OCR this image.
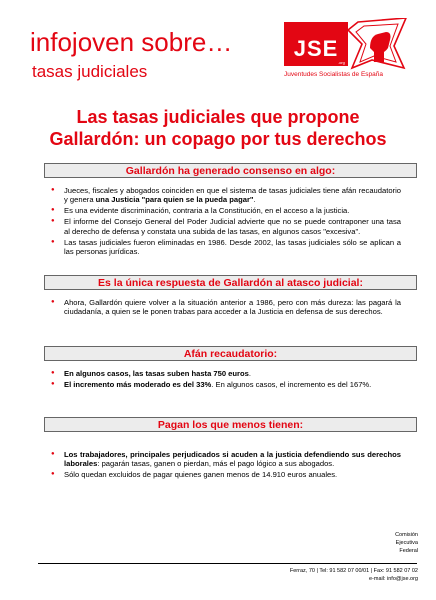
infojoven sobre…
tasas judiciales
JSE
.org
Juventudes Socialistas de España
Las tasas judiciales que propone
Gallardón: un copago por tus derechos
Gallardón ha generado consenso en algo:
● Jueces, fiscales y abogados coinciden en que el sistema de tasas judiciales tiene afán recaudatorio y genera una Justicia "para quien se la pueda pagar".
● Es una evidente discriminación, contraria a la Constitución, en el acceso a la justicia.
● El informe del Consejo General del Poder Judicial advierte que no se puede contraponer una tasa al derecho de defensa y constata una subida de las tasas, en algunos casos "excesiva".
● Las tasas judiciales fueron eliminadas en 1986. Desde 2002, las tasas judiciales sólo se aplican a las personas jurídicas.
Es la única respuesta de Gallardón al atasco judicial:
● Ahora, Gallardón quiere volver a la situación anterior a 1986, pero con más dureza: las pagará la ciudadanía, a quien se le ponen trabas para acceder a la Justicia en defensa de sus derechos.
Afán recaudatorio:
● En algunos casos, las tasas suben hasta 750 euros.
● El incremento más moderado es del 33%. En algunos casos, el incremento es del 167%.
Pagan los que menos tienen:
● Los trabajadores, principales perjudicados si acuden a la justicia defendiendo sus derechos laborales: pagarán tasas, ganen o pierdan, más el pago lógico a sus abogados.
● Sólo quedan excluidos de pagar quienes ganen menos de 14.910 euros anuales.
Comisión
Ejecutiva
Federal
Ferraz, 70 | Tel: 91 582 07 00/01 | Fax: 91 582 07 02
e-mail: info@jse.org
